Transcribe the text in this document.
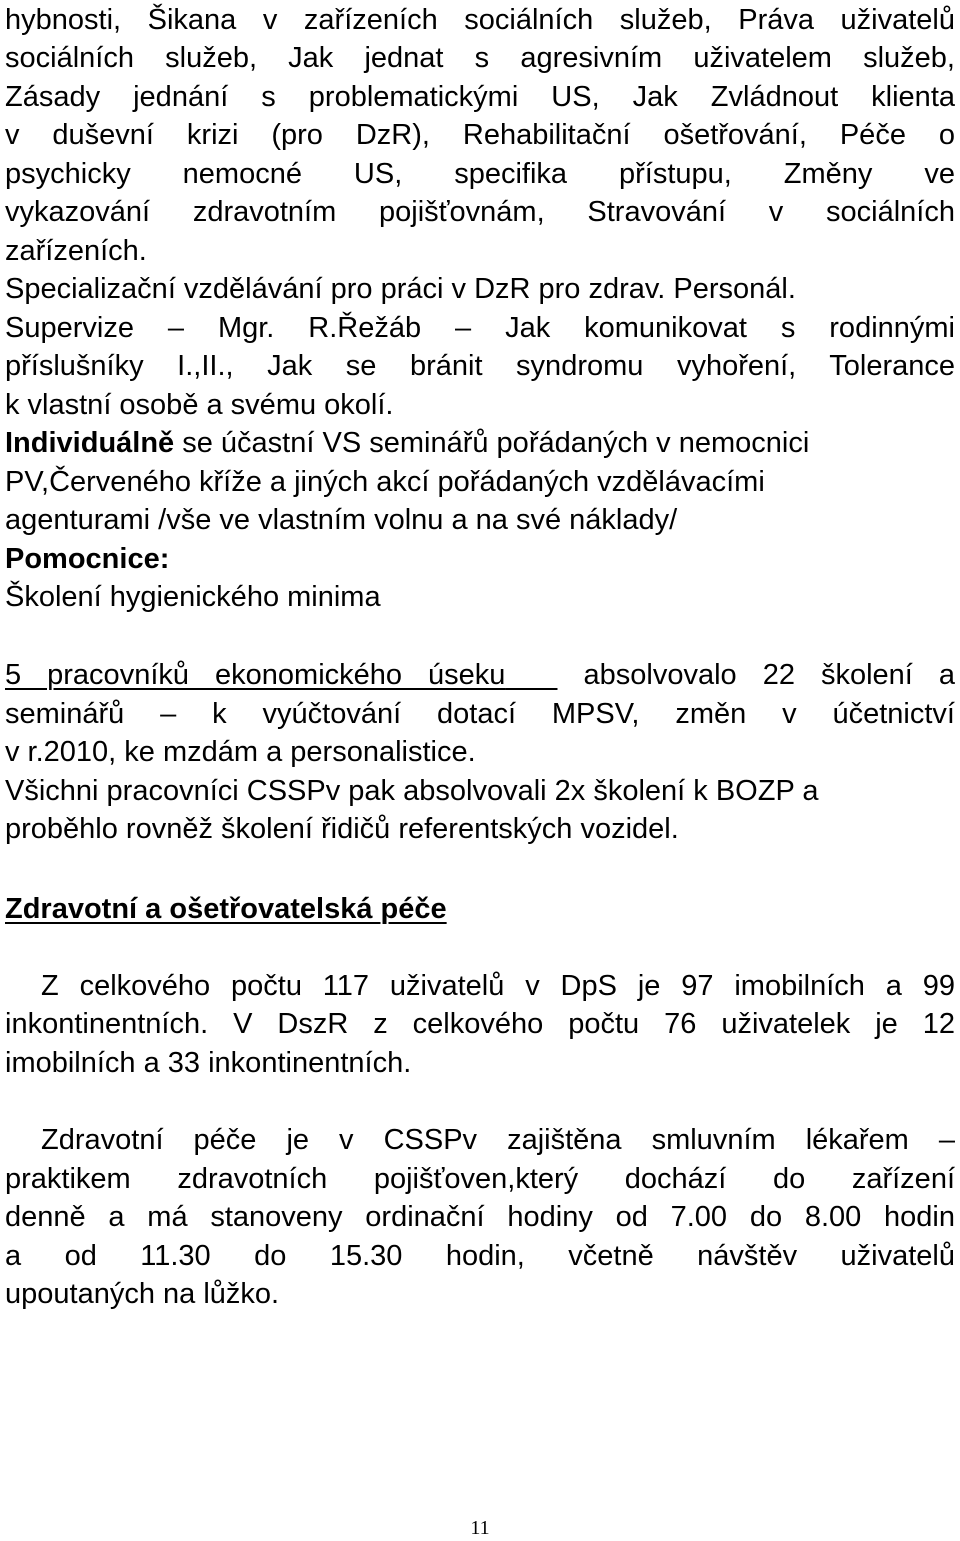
hybnosti, Šikana v zařízeních sociálních služeb, Práva uživatelů
sociálních služeb, Jak jednat s agresivním uživatelem služeb,
Zásady jednání s problematickými US, Jak Zvládnout klienta
v duševní krizi (pro DzR), Rehabilitační ošetřování, Péče o
psychicky nemocné US, specifika přístupu, Změny ve
vykazování zdravotním pojišťovnám, Stravování v sociálních
zařízeních.
Specializační vzdělávání pro práci v DzR pro zdrav. Personál.
Supervize – Mgr. R.Řežáb – Jak komunikovat s rodinnými
příslušníky I.,II., Jak se bránit syndromu vyhoření, Tolerance
k vlastní osobě a svému okolí.
Individuálně se účastní VS seminářů pořádaných v nemocnici
PV,Červeného kříže a jiných akcí pořádaných vzdělávacími
agenturami /vše ve vlastním volnu a na své náklady/
Pomocnice:
Školení hygienického minima
5 pracovníků ekonomického úseku	absolvovalo 22 školení a
seminářů – k vyúčtování dotací MPSV, změn v účetnictví
v r.2010, ke mzdám a personalistice.
Všichni pracovníci CSSPv pak absolvovali 2x školení k BOZP a
proběhlo rovněž školení řidičů referentských vozidel.
Zdravotní a ošetřovatelská péče
Z celkového počtu 117 uživatelů v DpS je 97 imobilních a 99
inkontinentních. V DszR z celkového počtu 76 uživatelek je 12
imobilních a 33 inkontinentních.
Zdravotní péče je v CSSPv zajištěna smluvním lékařem –
praktikem zdravotních pojišťoven,který dochází do zařízení
denně a má stanoveny ordinační hodiny od 7.00 do 8.00 hodin
a od 11.30 do 15.30 hodin, včetně návštěv uživatelů
upoutaných na lůžko.
11
